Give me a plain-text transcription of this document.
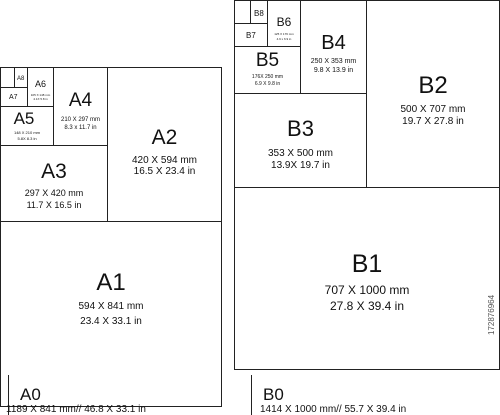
A1
594 X 841 mm
23.4 X 33.1 in
A2
420 X 594 mm
16.5 X 23.4 in
A3
297 X 420 mm
11.7 X 16.5 in
A4
210 X 297 mm
8.3 x 11.7 in
A5
148 X 210 mm
5.8X 8.3 in
A6
105 X 148 mm
4.1X 5.8 in
A7
A8
A0
1189 X 841 mm// 46.8 X 33.1 in
B1
707 X 1000 mm
27.8 X 39.4 in
B2
500 X 707 mm
19.7 X 27.8 in
B3
353 X 500 mm
13.9X 19.7 in
B4
250 X 353 mm
9.8 X 13.9 in
B5
176X 250 mm
6.9 X 9.8 in
B6
125 X 176 mm
4.9 x 6.9 in
B7
B8
B0
1414 X 1000 mm// 55.7 X 39.4 in
172876964
